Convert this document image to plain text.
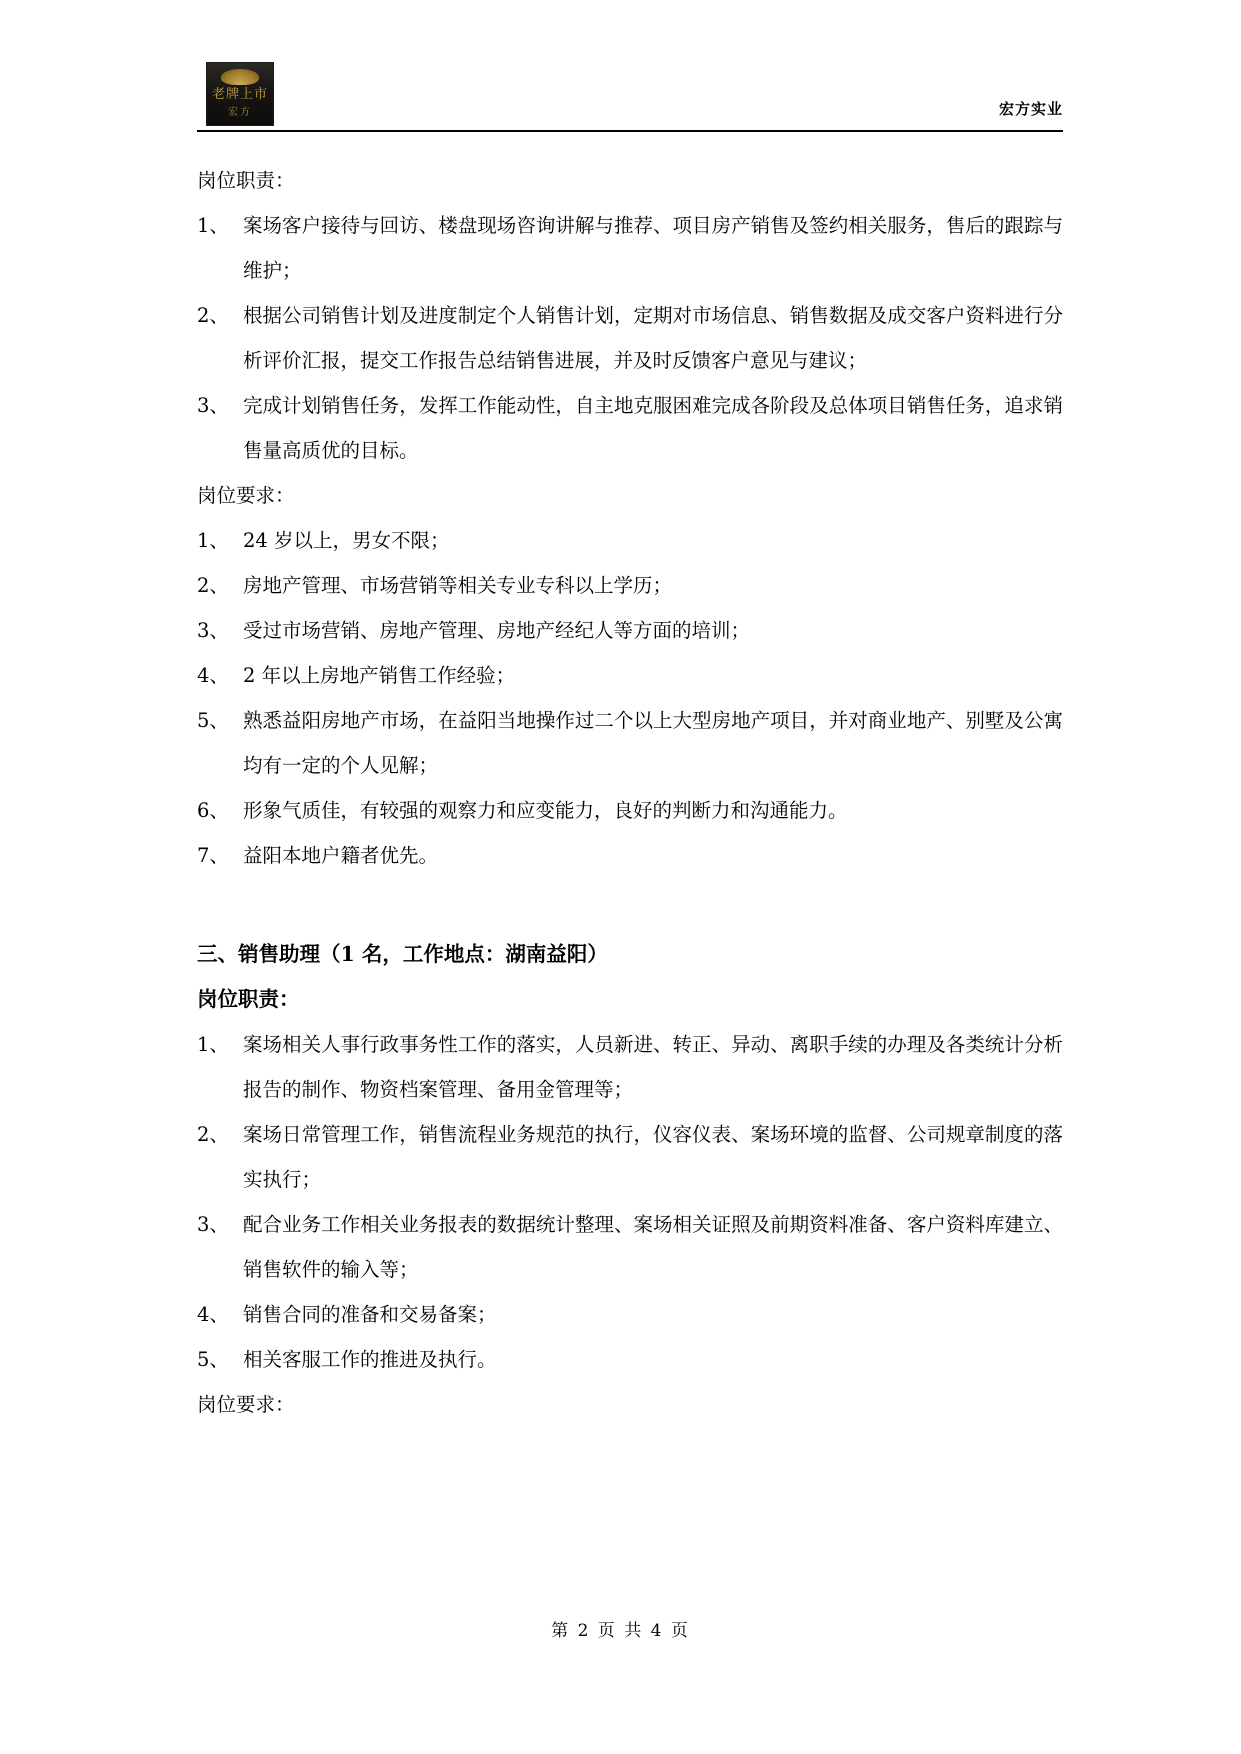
老牌上市
宏方	宏方实业

岗位职责：

1、 案场客户接待与回访、楼盘现场咨询讲解与推荐、项目房产销售及签约相关服务，售后的跟踪与维护；
2、 根据公司销售计划及进度制定个人销售计划，定期对市场信息、销售数据及成交客户资料进行分析评价汇报，提交工作报告总结销售进展，并及时反馈客户意见与建议；
3、 完成计划销售任务，发挥工作能动性，自主地克服困难完成各阶段及总体项目销售任务，追求销售量高质优的目标。

岗位要求：

1、 24 岁以上，男女不限；
2、 房地产管理、市场营销等相关专业专科以上学历；
3、 受过市场营销、房地产管理、房地产经纪人等方面的培训；
4、 2 年以上房地产销售工作经验；
5、 熟悉益阳房地产市场，在益阳当地操作过二个以上大型房地产项目，并对商业地产、别墅及公寓均有一定的个人见解；
6、 形象气质佳，有较强的观察力和应变能力，良好的判断力和沟通能力。
7、 益阳本地户籍者优先。

三、销售助理（1 名，工作地点：湖南益阳）

岗位职责：

1、 案场相关人事行政事务性工作的落实，人员新进、转正、异动、离职手续的办理及各类统计分析报告的制作、物资档案管理、备用金管理等；
2、 案场日常管理工作，销售流程业务规范的执行，仪容仪表、案场环境的监督、公司规章制度的落实执行；
3、 配合业务工作相关业务报表的数据统计整理、案场相关证照及前期资料准备、客户资料库建立、销售软件的输入等；
4、 销售合同的准备和交易备案；
5、 相关客服工作的推进及执行。

岗位要求：

第 2 页 共 4 页
